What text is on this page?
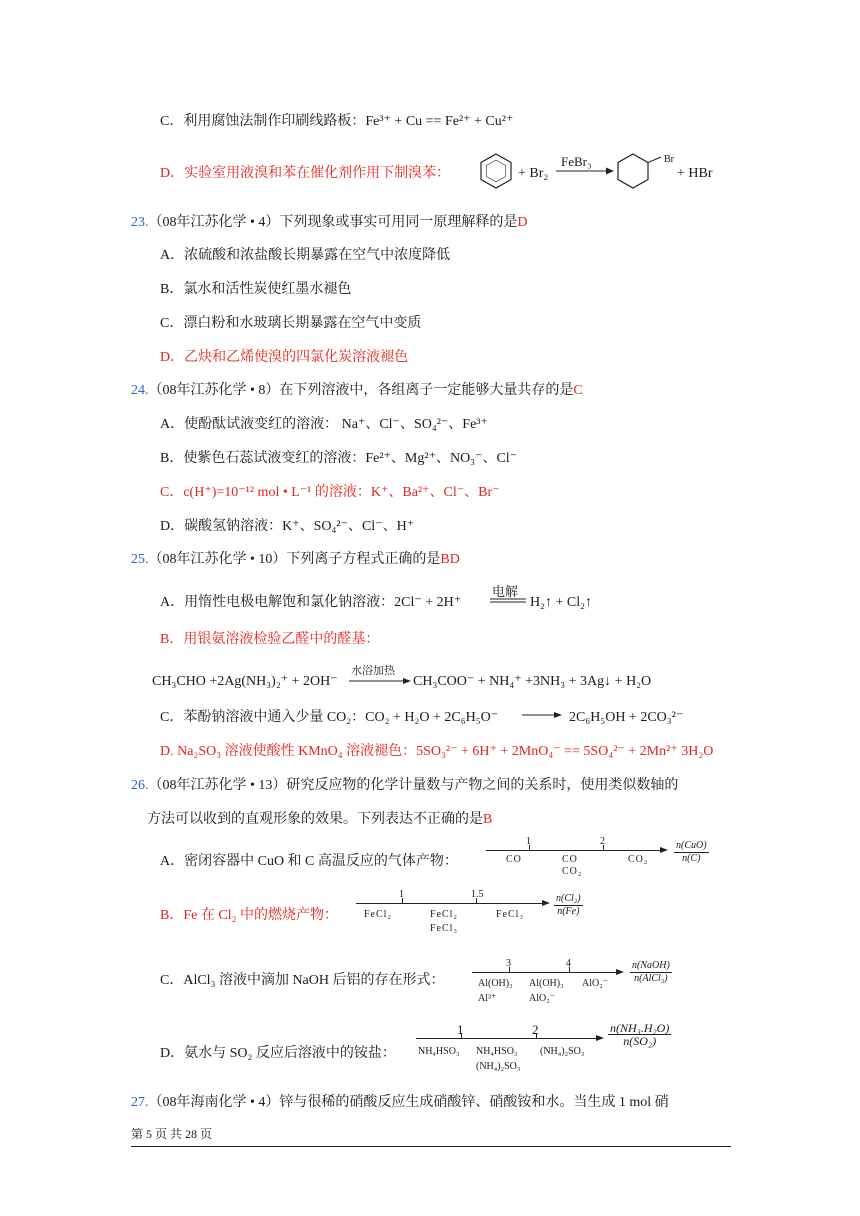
C．利用腐蚀法制作印刷线路板：Fe³⁺ + Cu == Fe²⁺ + Cu²⁺
D．实验室用液溴和苯在催化剂作用下制溴苯：	+ Br₂
FeBr₃	Br
+ HBr
23.（08年江苏化学 • 4）下列现象或事实可用同一原理解释的是D
A．浓硫酸和浓盐酸长期暴露在空气中浓度降低
B．氯水和活性炭使红墨水褪色
C．漂白粉和水玻璃长期暴露在空气中变质
D．乙炔和乙烯使溴的四氯化炭溶液褪色
24.（08年江苏化学 • 8）在下列溶液中，各组离子一定能够大量共存的是C
A．使酚酞试液变红的溶液： Na⁺、Cl⁻、SO₄²⁻、Fe³⁺
B．使紫色石蕊试液变红的溶液：Fe²⁺、Mg²⁺、NO₃⁻、Cl⁻
C．c(H⁺)=10⁻¹² mol • L⁻¹ 的溶液：K⁺、Ba²⁺、Cl⁻、Br⁻
D．碳酸氢钠溶液：K⁺、SO₄²⁻、Cl⁻、H⁺
25.（08年江苏化学 • 10）下列离子方程式正确的是BD
A．用惰性电极电解饱和氯化钠溶液：2Cl⁻ + 2H⁺
电解
H₂↑ + Cl₂↑
B．用银氨溶液检验乙醛中的醛基：
CH₃CHO +2Ag(NH₃)₂⁺ + 2OH⁻
水浴加热
CH₃COO⁻ + NH₄⁺ +3NH₃ + 3Ag↓ + H₂O
C．苯酚钠溶液中通入少量 CO₂：CO₂ + H₂O + 2C₆H₅O⁻ → 2C₆H₅OH + 2CO₃²⁻
D. Na₂SO₃ 溶液使酸性 KMnO₄ 溶液褪色：5SO₃²⁻ + 6H⁺ + 2MnO₄⁻ == 5SO₄²⁻ + 2Mn²⁺ 3H₂O
26.（08年江苏化学 • 13）研究反应物的化学计量数与产物之间的关系时，使用类似数轴的
方法可以收到的直观形象的效果。下列表达不正确的是B
A．密闭容器中 CuO 和 C 高温反应的气体产物：
1	2
CO	CO
CO₂
CO₂
n(CuO)
n(C)
B．Fe 在 Cl₂ 中的燃烧产物：
1	1.5
FeCl₂	FeCl₂
FeCl₃
FeCl₃	$\frac{\text{n(Cl₂)}}{n(Fe)}$
C．AlCl₃ 溶液中滴加 NaOH 后铝的存在形式：
3	4
Al(OH)₃
Al³⁺
Al(OH)₃
AlO₂⁻
AlO₂⁻
n(NaOH)
n(AlCl₃)
D．氨水与 SO₂ 反应后溶液中的铵盐：
1	2
NH₄HSO₃ NH₄HSO₃
(NH₄)₂SO₃
(NH₄)₂SO₃
$\frac{\text{n(NH₃.H₂O)}}{\text{n(SO₂)}}$
27.（08年海南化学 • 4）锌与很稀的硝酸反应生成硝酸锌、硝酸铵和水。当生成 1 mol 硝
第 5 页 共 28 页
